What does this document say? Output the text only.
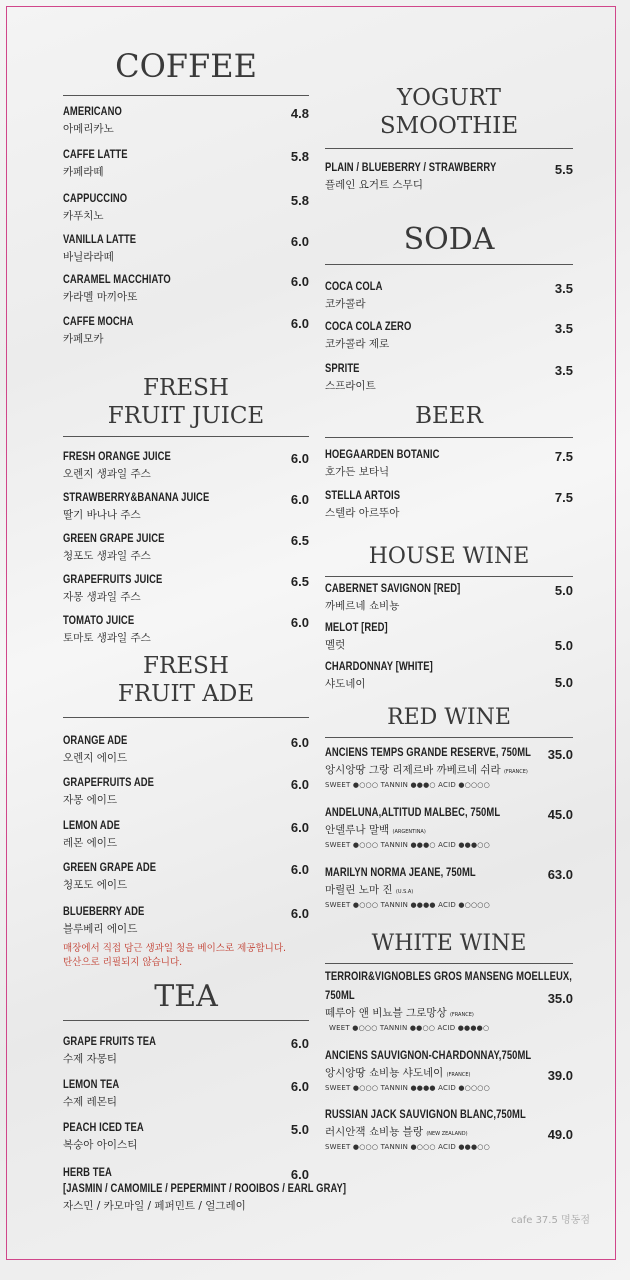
COFFEE
AMERICANO
아메리카노
4.8
CAFFE LATTE
카페라떼
5.8
CAPPUCCINO
카푸치노
5.8
VANILLA LATTE
바닐라라떼
6.0
CARAMEL MACCHIATO
카라멜 마끼아또
6.0
CAFFE MOCHA
카페모카
6.0
FRESH
FRUIT JUICE
FRESH ORANGE JUICE
오렌지 생과일 주스
6.0
STRAWBERRY&BANANA JUICE
딸기 바나나 주스
6.0
GREEN GRAPE JUICE
청포도 생과일 주스
6.5
GRAPEFRUITS JUICE
자몽 생과일 주스
6.5
TOMATO JUICE
토마토 생과일 주스
6.0
FRESH
FRUIT ADE
ORANGE ADE
오렌지 에이드
6.0
GRAPEFRUITS ADE
자몽 에이드
6.0
LEMON ADE
레몬 에이드
6.0
GREEN GRAPE ADE
청포도 에이드
6.0
BLUEBERRY ADE
블루베리 에이드
6.0
매장에서 직접 담근 생과일 청을 베이스로 제공합니다.
탄산으로 리필되지 않습니다.
TEA
GRAPE FRUITS TEA
수제 자몽티
6.0
LEMON TEA
수제 레몬티
6.0
PEACH ICED TEA
복숭아 아이스티
5.0
HERB TEA
[JASMIN / CAMOMILE / PEPERMINT / ROOIBOS / EARL GRAY]
자스민 / 카모마일 / 페퍼민트 / 얼그레이
6.0
YOGURT
SMOOTHIE
PLAIN / BLUEBERRY / STRAWBERRY
플레인 요거트 스무디
5.5
SODA
COCA COLA
코카콜라
3.5
COCA COLA ZERO
코카콜라 제로
3.5
SPRITE
스프라이트
3.5
BEER
HOEGAARDEN BOTANIC
호가든 보타닉
7.5
STELLA ARTOIS
스텔라 아르뚜아
7.5
HOUSE WINE
CABERNET SAVIGNON [RED]
까베르네 쇼비뇽
5.0
MELOT [RED]
멜럿	5.0
CHARDONNAY [WHITE]
샤도네이	5.0
RED WINE
ANCIENS TEMPS GRANDE RESERVE, 750ML
앙시앙땅 그랑 리제르바 까베르네 쉬라 (FRANCE)
SWEET ●○○○ TANNIN ●●●○ ACID ●○○○○
35.0
ANDELUNA,ALTITUD MALBEC, 750ML
안델루나 말백 (ARGENTINA)
SWEET ●○○○ TANNIN ●●●○ ACID ●●●○○
45.0
MARILYN NORMA JEANE, 750ML
마릴린 노마 진 (U.S.A)
SWEET ●○○○ TANNIN ●●●● ACID ●○○○○
63.0
WHITE WINE
TERROIR&VIGNOBLES GROS MANSENG MOELLEUX,
750ML
떼루아 앤 비뇨블 그로망상 (FRANCE)
WEET ●○○○ TANNIN ●●○○ ACID ●●●●○
35.0
ANCIENS SAUVIGNON-CHARDONNAY,750ML
앙시앙땅 쇼비뇽 샤도네이 (FRANCE)
SWEET ●○○○ TANNIN ●●●● ACID ●○○○○
39.0
RUSSIAN JACK SAUVIGNON BLANC,750ML
러시안잭 쇼비뇽 블랑 (NEW ZEALAND)
SWEET ●○○○ TANNIN ●○○○ ACID ●●●○○
49.0
cafe 37.5 명동점
